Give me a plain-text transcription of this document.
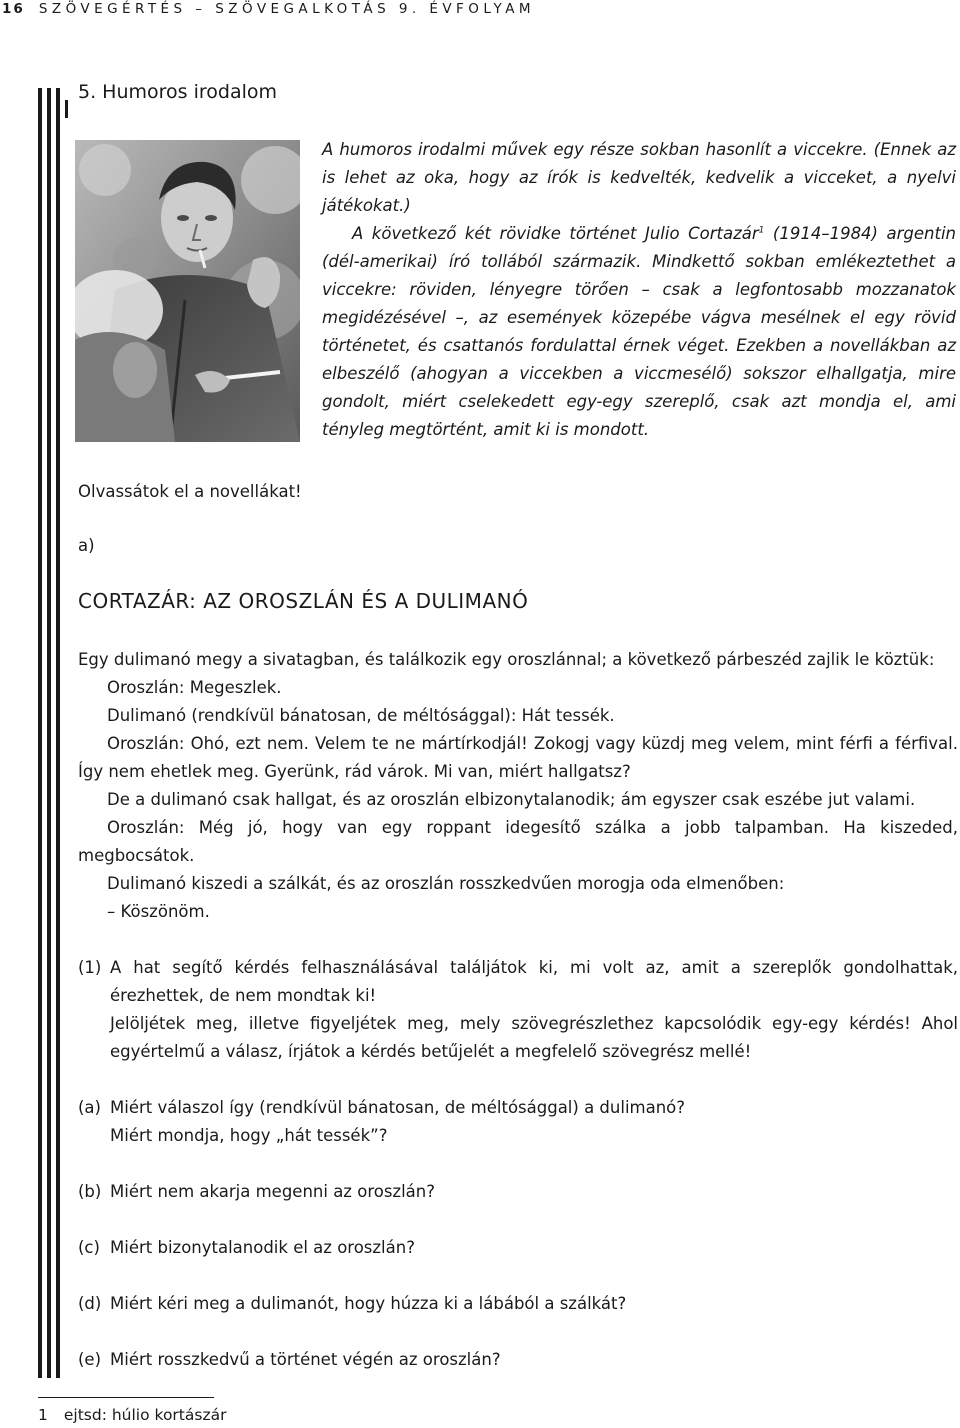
16 SZÖVEGÉRTÉS – SZÖVEGALKOTÁS 9. ÉVFOLYAM
5. Humoros irodalom

A humoros irodalmi művek egy része sokban hasonlít a viccekre. (Ennek az is lehet az oka, hogy az írók is kedvelték, kedvelik a vicceket, a nyelvi játékokat.)

A következő két rövidke történet Julio Cortazár$^1$ (1914–1984) argentin (dél-amerikai) író tollából származik. Mindkettő sokban emlékeztethet a viccekre: röviden, lényegre törően – csak a legfontosabb mozzanatok megidézésével –, az események közepébe vágva mesélnek el egy rövid történetet, és csattanós fordulattal érnek véget. Ezekben a novellákban az elbeszélő (ahogyan a viccekben a viccmesélő) sokszor elhallgatja, mire gondolt, miért cselekedett egy-egy szereplő, csak azt mondja el, ami tényleg megtörtént, amit ki is mondott.

Olvassátok el a novellákat!
a)
CORTAZÁR: AZ OROSZLÁN ÉS A DULIMANÓ

Egy dulimanó megy a sivatagban, és találkozik egy oroszlánnal; a következő párbeszéd zajlik le köztük:

Oroszlán: Megeszlek.

Dulimanó (rendkívül bánatosan, de méltósággal): Hát tessék.

Oroszlán: Ohó, ezt nem. Velem te ne mártírkodjál! Zokogj vagy küzdj meg velem, mint férfi a férfival. Így nem ehetlek meg. Gyerünk, rád várok. Mi van, miért hallgatsz?

De a dulimanó csak hallgat, és az oroszlán elbizonytalanodik; ám egyszer csak eszébe jut valami.

Oroszlán: Még jó, hogy van egy roppant idegesítő szálka a jobb talpamban. Ha kiszeded, megbocsátok.

Dulimanó kiszedi a szálkát, és az oroszlán rosszkedvűen morogja oda elmenőben:

– Köszönöm.

(1) A hat segítő kérdés felhasználásával találjátok ki, mi volt az, amit a szereplők gondolhattak, érezhettek, de nem mondtak ki!
Jelöljétek meg, illetve figyeljétek meg, mely szövegrészlethez kapcsolódik egy-egy kérdés! Ahol egyértelmű a válasz, írjátok a kérdés betűjelét a megfelelő szövegrész mellé!
(a) Miért válaszol így (rendkívül bánatosan, de méltósággal) a dulimanó?
Miért mondja, hogy „hát tessék”?
(b) Miért nem akarja megenni az oroszlán?
(c) Miért bizonytalanodik el az oroszlán?
(d) Miért kéri meg a dulimanót, hogy húzza ki a lábából a szálkát?
(e) Miért rosszkedvű a történet végén az oroszlán?
1 ejtsd: húlio kortászár
